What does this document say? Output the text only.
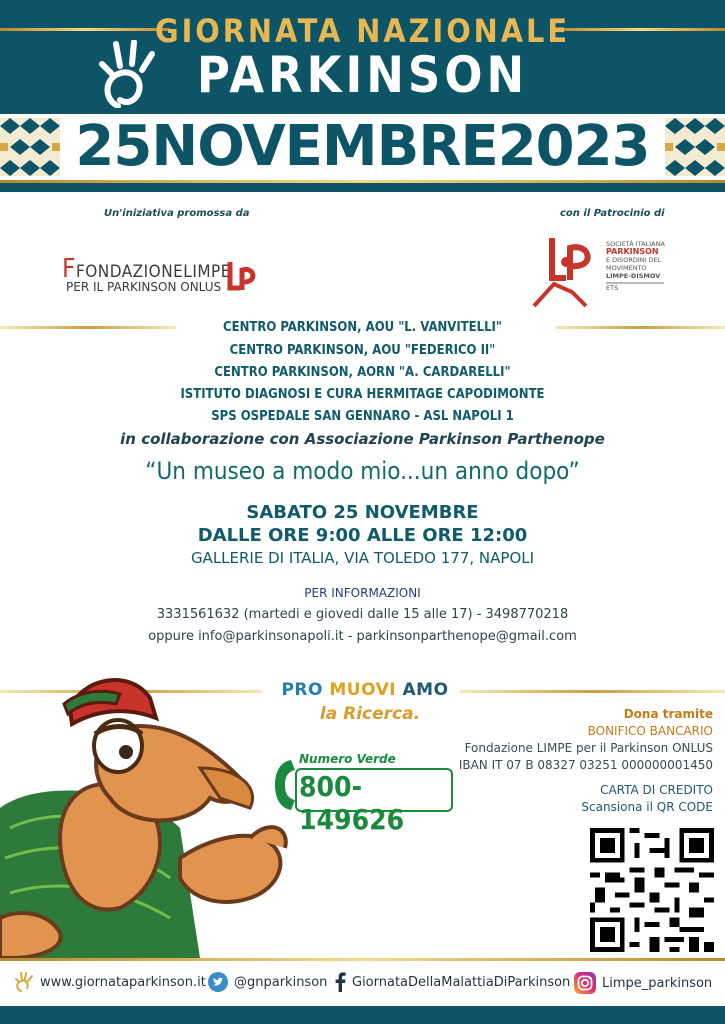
GIORNATA NAZIONALE
PARKINSON
25NOVEMBRE2023
Un'iniziativa promossa da	con il Patrocinio di
FFONDAZIONELIMPE
PER IL PARKINSON ONLUS
SOCIETÀ ITALIANA
PARKINSON
E DISORDINI DEL
MOVIMENTO
LIMPE-DISMOV
ETS
CENTRO PARKINSON, AOU "L. VANVITELLI"
CENTRO PARKINSON, AOU "FEDERICO II"
CENTRO PARKINSON, AORN "A. CARDARELLI"
ISTITUTO DIAGNOSI E CURA HERMITAGE CAPODIMONTE
SPS OSPEDALE SAN GENNARO - ASL NAPOLI 1
in collaborazione con Associazione Parkinson Parthenope
“Un museo a modo mio...un anno dopo”
SABATO 25 NOVEMBRE
DALLE ORE 9:00 ALLE ORE 12:00
GALLERIE DI ITALIA, VIA TOLEDO 177, NAPOLI
PER INFORMAZIONI
3331561632 (martedi e giovedi dalle 15 alle 17) - 3498770218
oppure info@parkinsonapoli.it - parkinsonparthenope@gmail.com
PRO MUOVI AMO
la Ricerca.
Numero Verde
800-149626
Dona tramite
BONIFICO BANCARIO
Fondazione LIMPE per il Parkinson ONLUS
IBAN IT 07 B 08327 03251 000000001450
CARTA DI CREDITO
Scansiona il QR CODE
www.giornataparkinson.it @gnparkinson GiornataDellaMalattiaDiParkinson Limpe_parkinson
